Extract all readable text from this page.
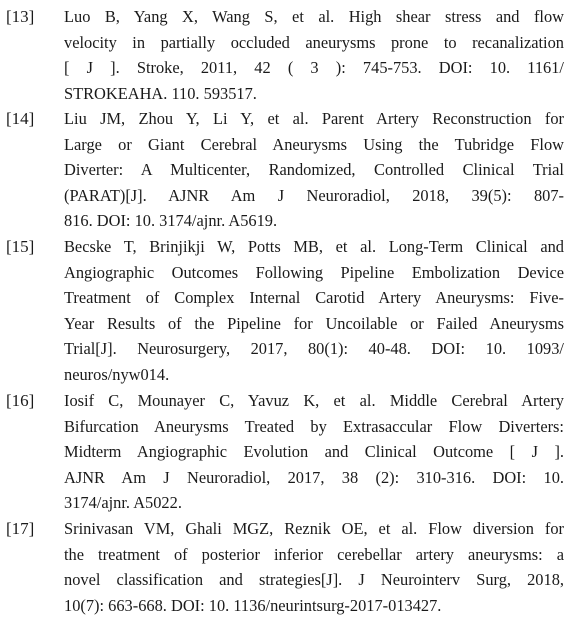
[13] Luo B, Yang X, Wang S, et al. High shear stress and flow
velocity in partially occluded aneurysms prone to recanalization
[ J ]. Stroke, 2011, 42 ( 3 ): 745-753. DOI: 10. 1161/
STROKEAHA. 110. 593517.
[14] Liu JM, Zhou Y, Li Y, et al. Parent Artery Reconstruction for
Large or Giant Cerebral Aneurysms Using the Tubridge Flow
Diverter: A Multicenter, Randomized, Controlled Clinical Trial
(PARAT)[J]. AJNR Am J Neuroradiol, 2018, 39(5): 807-
816. DOI: 10. 3174/ajnr. A5619.
[15] Becske T, Brinjikji W, Potts MB, et al. Long-Term Clinical and
Angiographic Outcomes Following Pipeline Embolization Device
Treatment of Complex Internal Carotid Artery Aneurysms: Five-
Year Results of the Pipeline for Uncoilable or Failed Aneurysms
Trial[J]. Neurosurgery, 2017, 80(1): 40-48. DOI: 10. 1093/
neuros/nyw014.
[16] Iosif C, Mounayer C, Yavuz K, et al. Middle Cerebral Artery
Bifurcation Aneurysms Treated by Extrasaccular Flow Diverters:
Midterm Angiographic Evolution and Clinical Outcome [ J ].
AJNR Am J Neuroradiol, 2017, 38 (2): 310-316. DOI: 10.
3174/ajnr. A5022.
[17] Srinivasan VM, Ghali MGZ, Reznik OE, et al. Flow diversion for
the treatment of posterior inferior cerebellar artery aneurysms: a
novel classification and strategies[J]. J Neurointerv Surg, 2018,
10(7): 663-668. DOI: 10. 1136/neurintsurg-2017-013427.
